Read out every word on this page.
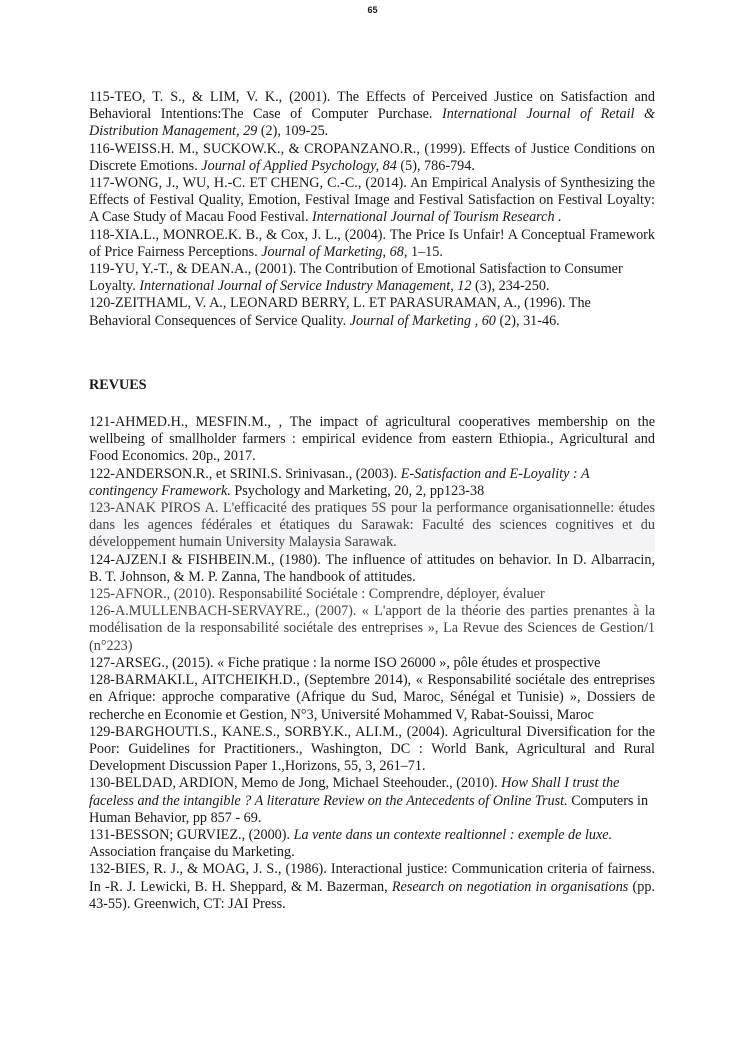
65

115-TEO, T. S., & LIM, V. K., (2001). The Effects of Perceived Justice on Satisfaction and Behavioral Intentions:The Case of Computer Purchase. International Journal of Retail & Distribution Management, 29 (2), 109-25.

116-WEISS.H. M., SUCKOW.K., & CROPANZANO.R., (1999). Effects of Justice Conditions on Discrete Emotions. Journal of Applied Psychology, 84 (5), 786-794.

117-WONG, J., WU, H.-C. ET CHENG, C.-C., (2014). An Empirical Analysis of Synthesizing the Effects of Festival Quality, Emotion, Festival Image and Festival Satisfaction on Festival Loyalty: A Case Study of Macau Food Festival. International Journal of Tourism Research .

118-XIA.L., MONROE.K. B., & Cox, J. L., (2004). The Price Is Unfair! A Conceptual Framework of Price Fairness Perceptions. Journal of Marketing, 68, 1–15.

119-YU, Y.-T., & DEAN.A., (2001). The Contribution of Emotional Satisfaction to Consumer Loyalty. International Journal of Service Industry Management, 12 (3), 234-250.

120-ZEITHAML, V. A., LEONARD BERRY, L. ET PARASURAMAN, A., (1996). The Behavioral Consequences of Service Quality. Journal of Marketing , 60 (2), 31-46.

REVUES

121-AHMED.H., MESFIN.M., , The impact of agricultural cooperatives membership on the wellbeing of smallholder farmers : empirical evidence from eastern Ethiopia., Agricultural and Food Economics. 20p., 2017.

122-ANDERSON.R., et SRINI.S. Srinivasan., (2003). E-Satisfaction and E-Loyality : A contingency Framework. Psychology and Marketing, 20, 2, pp123-38

123-ANAK PIROS A. L'efficacité des pratiques 5S pour la performance organisationnelle: études dans les agences fédérales et étatiques du Sarawak: Faculté des sciences cognitives et du développement humain University Malaysia Sarawak.

124-AJZEN.I & FISHBEIN.M., (1980). The influence of attitudes on behavior. In D. Albarracin, B. T. Johnson, & M. P. Zanna, The handbook of attitudes.

125-AFNOR., (2010). Responsabilité Sociétale : Comprendre, déployer, évaluer

126-A.MULLENBACH-SERVAYRE., (2007). « L'apport de la théorie des parties prenantes à la modélisation de la responsabilité sociétale des entreprises », La Revue des Sciences de Gestion/1 (n°223)

127-ARSEG., (2015). « Fiche pratique : la norme ISO 26000 », pôle études et prospective

128-BARMAKI.L, AITCHEIKH.D., (Septembre 2014), « Responsabilité sociétale des entreprises en Afrique: approche comparative (Afrique du Sud, Maroc, Sénégal et Tunisie) », Dossiers de recherche en Economie et Gestion, N°3, Université Mohammed V, Rabat-Souissi, Maroc

129-BARGHOUTI.S., KANE.S., SORBY.K., ALI.M., (2004). Agricultural Diversification for the Poor: Guidelines for Practitioners., Washington, DC : World Bank, Agricultural and Rural Development Discussion Paper 1.,Horizons, 55, 3, 261–71.

130-BELDAD, ARDION, Memo de Jong, Michael Steehouder., (2010). How Shall I trust the faceless and the intangible ? A literature Review on the Antecedents of Online Trust. Computers in Human Behavior, pp 857 - 69.

131-BESSON; GURVIEZ., (2000). La vente dans un contexte realtionnel : exemple de luxe. Association française du Marketing.

132-BIES, R. J., & MOAG, J. S., (1986). Interactional justice: Communication criteria of fairness. In -R. J. Lewicki, B. H. Sheppard, & M. Bazerman, Research on negotiation in organisations (pp. 43-55). Greenwich, CT: JAI Press.
